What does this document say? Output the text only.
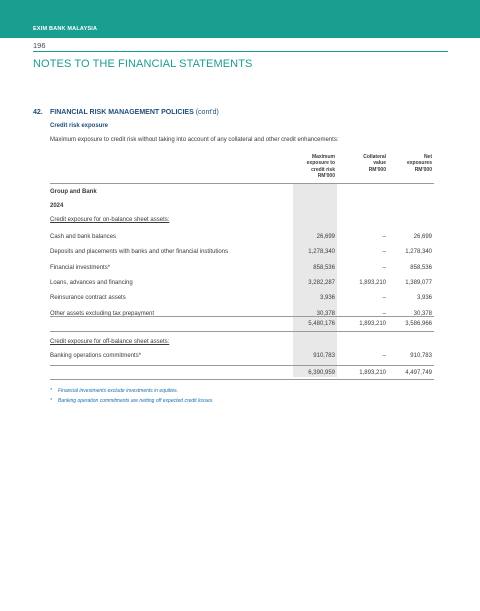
EXIM BANK MALAYSIA
196
NOTES TO THE FINANCIAL STATEMENTS
42. FINANCIAL RISK MANAGEMENT POLICIES (cont'd)
Credit risk exposure
Maximum exposure to credit risk without taking into account of any collateral and other credit enhancements:
Maximum
exposure to
credit risk
RM'000
Collateral
value
RM'000
Net
exposures
RM'000
Group and Bank
2024
Credit exposure for on-balance sheet assets:
Cash and bank balances	26,699	–	26,699
Deposits and placements with banks and other financial institutions	1,278,340	–	1,278,340
Financial investments*	858,536	–	858,536
Loans, advances and financing	3,282,287	1,893,210	1,389,077
Reinsurance contract assets	3,936	–	3,936
Other assets excluding tax prepayment	30,378	–	30,378
5,480,176	1,893,210	3,586,966
Credit exposure for off-balance sheet assets:
Banking operations commitments*	910,783	–	910,783
6,390,959	1,893,210	4,497,749
* Financial investments exclude investments in equities.
* Banking operation commitments are netting off expected credit losses.
